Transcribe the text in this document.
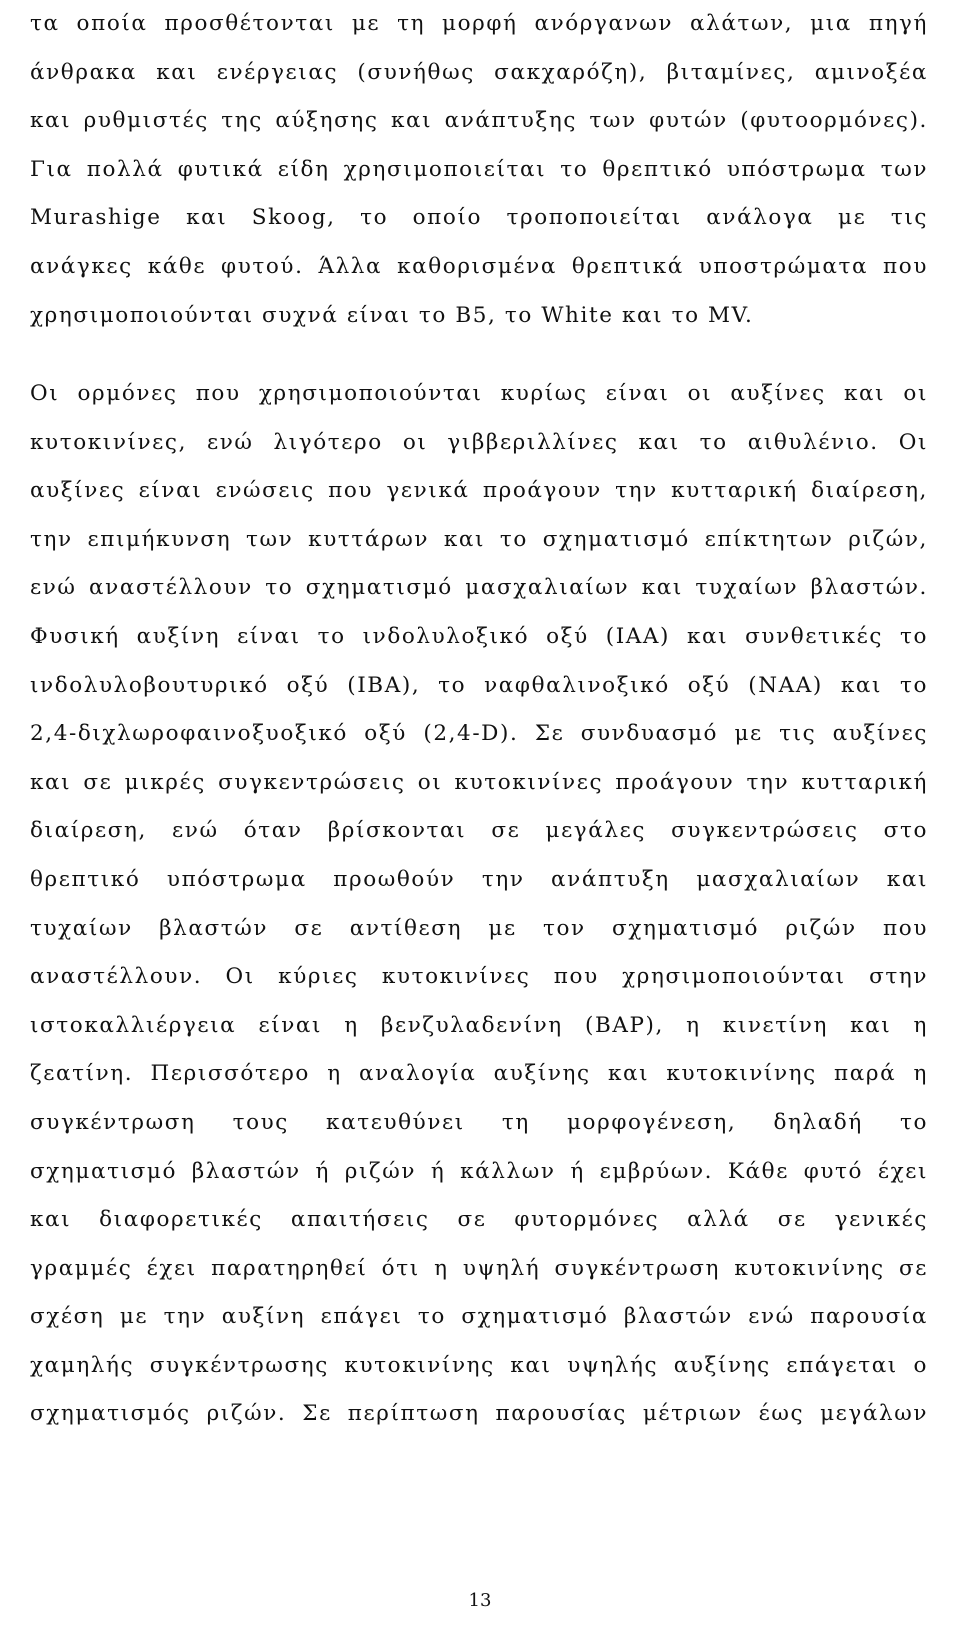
τα οποία προσθέτονται με τη μορφή ανόργανων αλάτων, μια πηγή
άνθρακα και ενέργειας (συνήθως σακχαρόζη), βιταμίνες, αμινοξέα
και ρυθμιστές της αύξησης και ανάπτυξης των φυτών (φυτοορμόνες).
Για πολλά φυτικά είδη χρησιμοποιείται το θρεπτικό υπόστρωμα των
Murashige και Skoog, το οποίο τροποποιείται ανάλογα με τις
ανάγκες κάθε φυτού. Άλλα καθορισμένα θρεπτικά υποστρώματα που
χρησιμοποιούνται συχνά είναι το Β5, το White και το MV.
Οι ορμόνες που χρησιμοποιούνται κυρίως είναι οι αυξίνες και οι
κυτοκινίνες, ενώ λιγότερο οι γιββεριλλίνες και το αιθυλένιο. Οι
αυξίνες είναι ενώσεις που γενικά προάγουν την κυτταρική διαίρεση,
την επιμήκυνση των κυττάρων και το σχηματισμό επίκτητων ριζών,
ενώ αναστέλλουν το σχηματισμό μασχαλιαίων και τυχαίων βλαστών.
Φυσική αυξίνη είναι το ινδολυλοξικό οξύ (IAA) και συνθετικές το
ινδολυλοβουτυρικό οξύ (IBA), το ναφθαλινοξικό οξύ (NAA) και το
2,4-διχλωροφαινοξυοξικό οξύ (2,4-D). Σε συνδυασμό με τις αυξίνες
και σε μικρές συγκεντρώσεις οι κυτοκινίνες προάγουν την κυτταρική
διαίρεση, ενώ όταν βρίσκονται σε μεγάλες συγκεντρώσεις στο
θρεπτικό υπόστρωμα προωθούν την ανάπτυξη μασχαλιαίων και
τυχαίων βλαστών σε αντίθεση με τον σχηματισμό ριζών που
αναστέλλουν. Οι κύριες κυτοκινίνες που χρησιμοποιούνται στην
ιστοκαλλιέργεια είναι η βενζυλαδενίνη (BAP), η κινετίνη και η
ζεατίνη. Περισσότερο η αναλογία αυξίνης και κυτοκινίνης παρά η
συγκέντρωση τους κατευθύνει τη μορφογένεση, δηλαδή το
σχηματισμό βλαστών ή ριζών ή κάλλων ή εμβρύων. Κάθε φυτό έχει
και διαφορετικές απαιτήσεις σε φυτορμόνες αλλά σε γενικές
γραμμές έχει παρατηρηθεί ότι η υψηλή συγκέντρωση κυτοκινίνης σε
σχέση με την αυξίνη επάγει το σχηματισμό βλαστών ενώ παρουσία
χαμηλής συγκέντρωσης κυτοκινίνης και υψηλής αυξίνης επάγεται ο
σχηματισμός ριζών. Σε περίπτωση παρουσίας μέτριων έως μεγάλων
13
